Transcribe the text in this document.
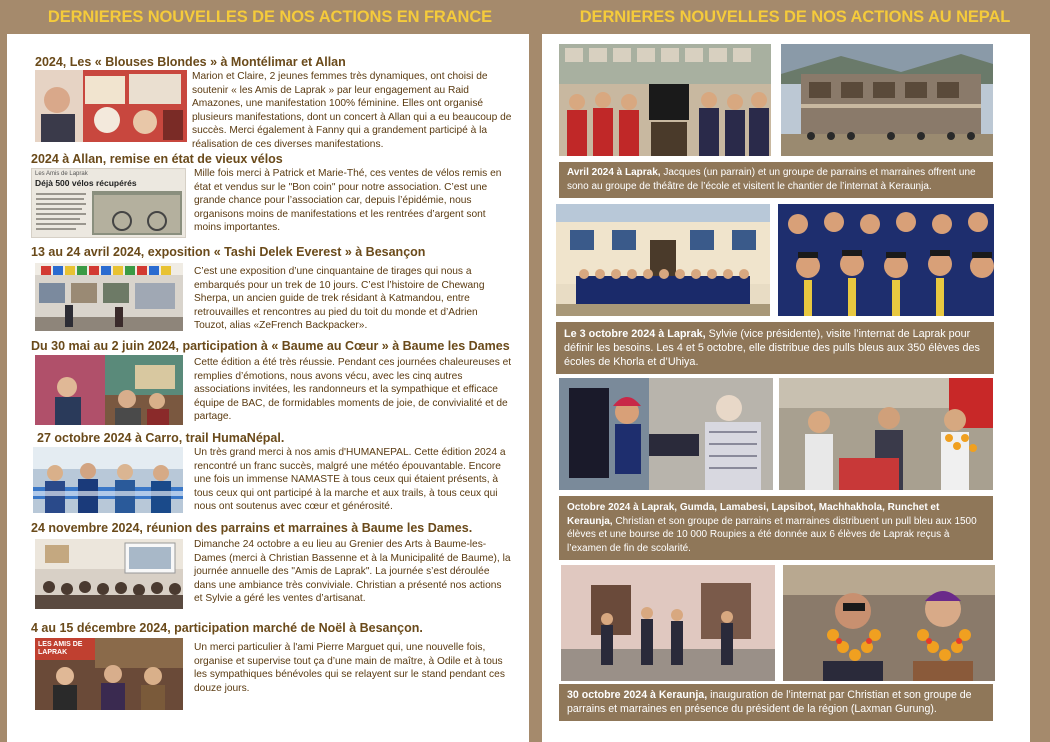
DERNIERES NOUVELLES DE NOS ACTIONS EN FRANCE	DERNIERES NOUVELLES DE NOS ACTIONS AU NEPAL
2024, Les « Blouses Blondes » à Montélimar et Allan
Marion et Claire, 2 jeunes femmes très dynamiques, ont choisi de soutenir « les Amis de Laprak » par leur engagement au Raid Amazones, une manifestation 100% féminine. Elles ont organisé plusieurs manifestations, dont un concert à Allan qui a eu beaucoup de succès. Merci également à Fanny qui a grandement participé à la réalisation de ces diverses manifestations.
2024 à Allan, remise en état de vieux vélos
Les Amis de Laprak
Déjà 500 vélos récupérés
Mille fois merci à Patrick et Marie-Thé, ces ventes de vélos remis en état et vendus sur le "Bon coin" pour notre association. C’est une grande chance pour l’association car, depuis l’épidémie, nous organisons moins de manifestations et les rentrées d’argent sont moins importantes.
13 au 24 avril 2024, exposition « Tashi Delek Everest » à Besançon
C’est une exposition d’une cinquantaine de tirages qui nous a embarqués pour un trek de 10 jours. C’est l’histoire de Chewang Sherpa, un ancien guide de trek résidant à Katmandou, entre retrouvailles et rencontres au pied du toit du monde et d’Adrien Touzot, alias «ZeFrench Backpacker».
Du 30 mai au 2 juin 2024, participation à « Baume au Cœur » à Baume les Dames
Cette édition a été très réussie. Pendant ces journées chaleureuses et remplies d’émotions, nous avons vécu, avec les cinq autres associations invitées, les randonneurs et la sympathique et efficace équipe de BAC, de formidables moments de joie, de convivialité et de partage.
27 octobre 2024 à Carro, trail HumaNépal.
Un très grand merci à nos amis d'HUMANEPAL. Cette édition 2024 a rencontré un franc succès, malgré une météo épouvantable. Encore une fois un immense NAMASTE à tous ceux qui étaient présents, à tous ceux qui ont participé à la marche et aux trails, à tous ceux qui nous ont soutenus avec cœur et générosité.
24 novembre 2024, réunion des parrains et marraines à Baume les Dames.
Dimanche 24 octobre a eu lieu au Grenier des Arts à Baume-les-Dames (merci à Christian Bassenne et à la Municipalité de Baume), la journée annuelle des "Amis de Laprak". La journée s’est déroulée dans une ambiance très conviviale. Christian a présenté nos actions et Sylvie a géré les ventes d’artisanat.
4 au 15 décembre 2024, participation marché de Noël à Besançon.
LES AMIS DE LAPRAK	Un merci particulier à l'ami Pierre Marguet qui, une nouvelle fois, organise et supervise tout ça d’une main de maître, à Odile et à tous les sympathiques bénévoles qui se relayent sur le stand pendant ces douze jours.
Avril 2024 à Laprak, Jacques (un parrain) et un groupe de parrains et marraines offrent une sono au groupe de théâtre de l’école et visitent le chantier de l’internat à Keraunja.
Le 3 octobre 2024 à Laprak, Sylvie (vice présidente), visite l’internat de Laprak pour définir les besoins. Les 4 et 5 octobre, elle distribue des pulls bleus aux 350 élèves des écoles de Khorla et d’Uhiya.
Octobre 2024 à Laprak, Gumda, Lamabesi, Lapsibot, Machhakhola, Runchet et Keraunja, Christian et son groupe de parrains et marraines distribuent un pull bleu aux 1500 élèves et une bourse de 10 000 Roupies a été donnée aux 6 élèves de Laprak reçus à l’examen de fin de scolarité.
30 octobre 2024 à Keraunja, inauguration de l’internat par Christian et son groupe de parrains et marraines en présence du président de la région (Laxman Gurung).
